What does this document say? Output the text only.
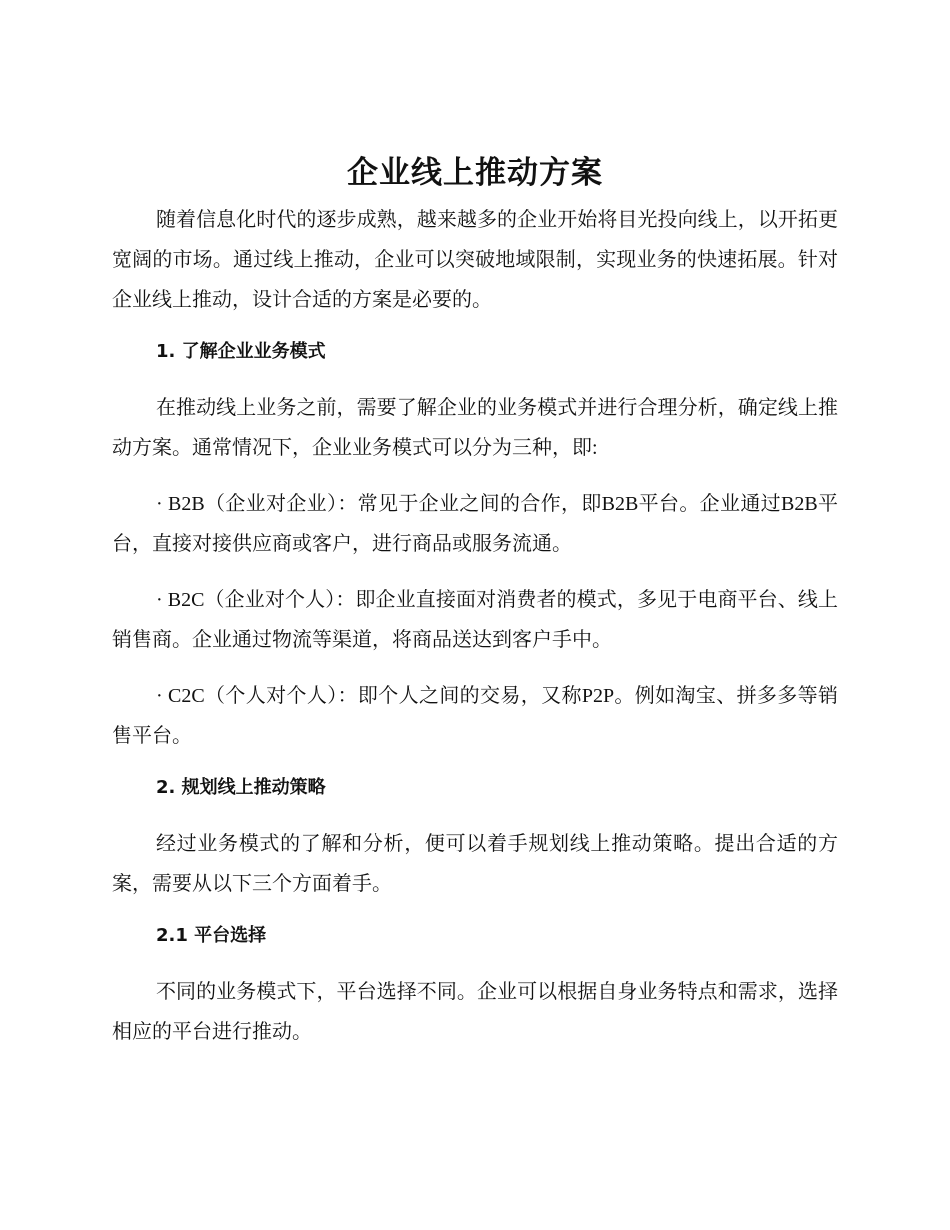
企业线上推动方案

随着信息化时代的逐步成熟，越来越多的企业开始将目光投向线上，以开拓更宽阔的市场。通过线上推动，企业可以突破地域限制，实现业务的快速拓展。针对企业线上推动，设计合适的方案是必要的。

1. 了解企业业务模式

在推动线上业务之前，需要了解企业的业务模式并进行合理分析，确定线上推动方案。通常情况下，企业业务模式可以分为三种，即:

· B2B（企业对企业）：常见于企业之间的合作，即B2B平台。企业通过B2B平台，直接对接供应商或客户，进行商品或服务流通。

· B2C（企业对个人）：即企业直接面对消费者的模式，多见于电商平台、线上销售商。企业通过物流等渠道，将商品送达到客户手中。

· C2C（个人对个人）：即个人之间的交易，又称P2P。例如淘宝、拼多多等销售平台。

2. 规划线上推动策略

经过业务模式的了解和分析，便可以着手规划线上推动策略。提出合适的方案，需要从以下三个方面着手。

2.1 平台选择

不同的业务模式下，平台选择不同。企业可以根据自身业务特点和需求，选择相应的平台进行推动。
